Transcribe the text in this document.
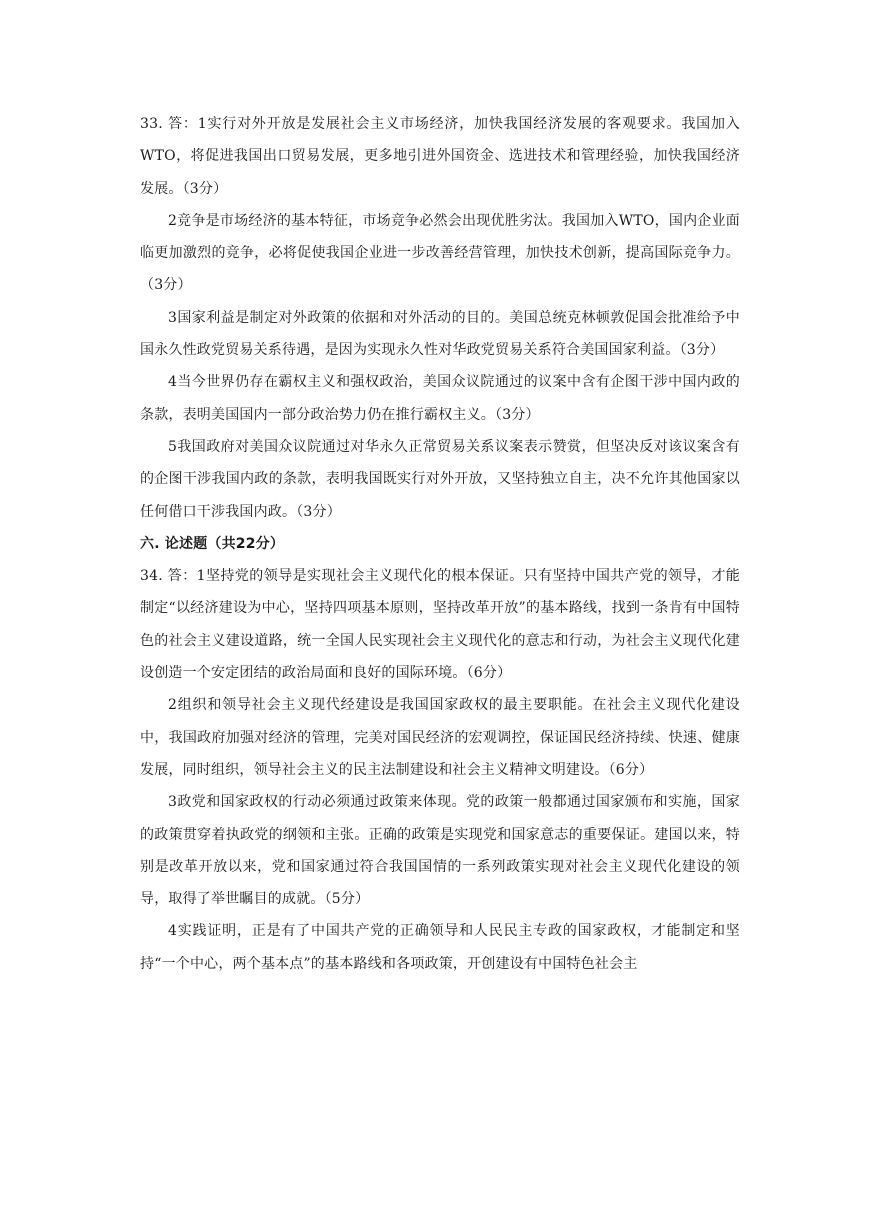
33. 答：1实行对外开放是发展社会主义市场经济，加快我国经济发展的客观要求。我国加入WTO，将促进我国出口贸易发展，更多地引进外国资金、选进技术和管理经验，加快我国经济发展。（3分）

2竞争是市场经济的基本特征，市场竞争必然会出现优胜劣汰。我国加入WTO，国内企业面临更加激烈的竞争，必将促使我国企业进一步改善经营管理，加快技术创新，提高国际竞争力。（3分）

3国家利益是制定对外政策的依据和对外活动的目的。美国总统克林顿敦促国会批准给予中国永久性政党贸易关系待遇，是因为实现永久性对华政党贸易关系符合美国国家利益。（3分）

4当今世界仍存在霸权主义和强权政治，美国众议院通过的议案中含有企图干涉中国内政的条款，表明美国国内一部分政治势力仍在推行霸权主义。（3分）

5我国政府对美国众议院通过对华永久正常贸易关系议案表示赞赏，但坚决反对该议案含有的企图干涉我国内政的条款，表明我国既实行对外开放，又坚持独立自主，决不允许其他国家以任何借口干涉我国内政。（3分）

六. 论述题（共22分）

34. 答：1坚持党的领导是实现社会主义现代化的根本保证。只有坚持中国共产党的领导，才能制定“以经济建设为中心，坚持四项基本原则，坚持改革开放”的基本路线，找到一条肯有中国特色的社会主义建设道路，统一全国人民实现社会主义现代化的意志和行动，为社会主义现代化建设创造一个安定团结的政治局面和良好的国际环境。（6分）

2组织和领导社会主义现代经建设是我国国家政权的最主要职能。在社会主义现代化建设中，我国政府加强对经济的管理，完美对国民经济的宏观调控，保证国民经济持续、快速、健康发展，同时组织，领导社会主义的民主法制建设和社会主义精神文明建设。（6分）

3政党和国家政权的行动必须通过政策来体现。党的政策一般都通过国家颁布和实施，国家的政策贯穿着执政党的纲领和主张。正确的政策是实现党和国家意志的重要保证。建国以来，特别是改革开放以来，党和国家通过符合我国国情的一系列政策实现对社会主义现代化建设的领导，取得了举世瞩目的成就。（5分）

4实践证明，正是有了中国共产党的正确领导和人民民主专政的国家政权，才能制定和坚持“一个中心，两个基本点”的基本路线和各项政策，开创建设有中国特色社会主
